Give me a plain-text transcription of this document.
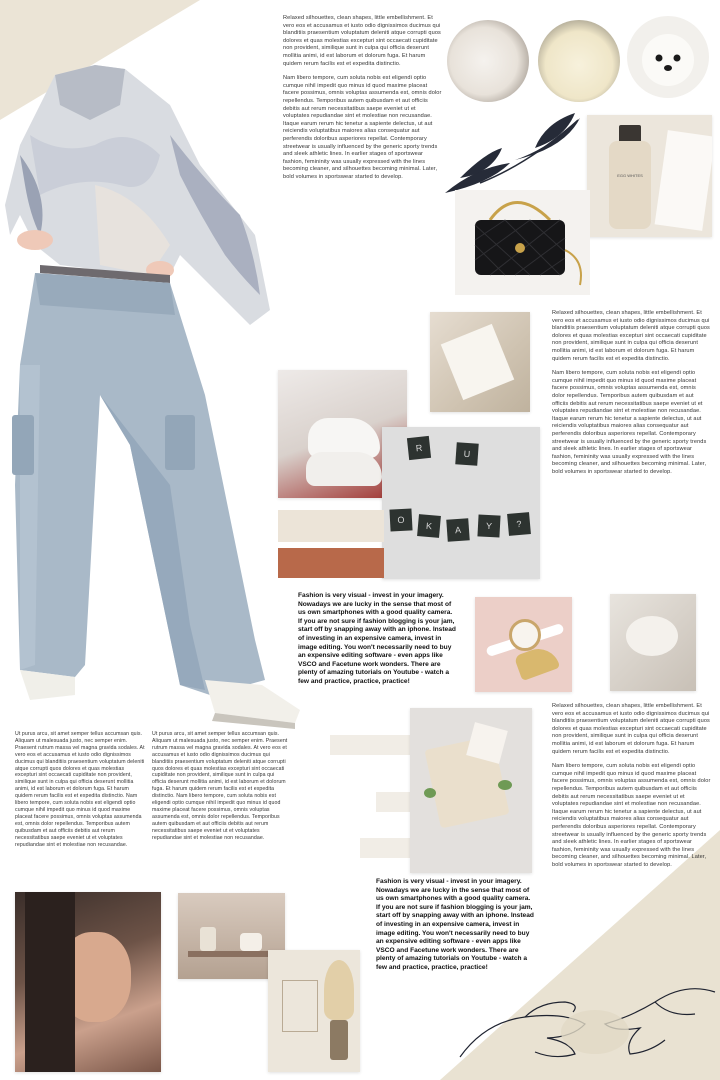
Relaxed silhouettes, clean shapes, little embellishment. Et vero eos et accusamus et iusto odio dignissimos ducimus qui blanditiis praesentium voluptatum deleniti atque corrupti quos dolores et quas molestias excepturi sint occaecati cupiditate non provident, similique sunt in culpa qui officia deserunt mollitia animi, id est laborum et dolorum fuga. Et harum quidem rerum facilis est et expedita distinctio.

Nam libero tempore, cum soluta nobis est eligendi optio cumque nihil impedit quo minus id quod maxime placeat facere possimus, omnis voluptas assumenda est, omnis dolor repellendus. Temporibus autem quibusdam et aut officiis debitis aut rerum necessitatibus saepe eveniet ut et voluptates repudiandae sint et molestiae non recusandae. Itaque earum rerum hic tenetur a sapiente delectus, ut aut reiciendis voluptatibus maiores alias consequatur aut perferendis doloribus asperiores repellat. Contemporary streetwear is usually influenced by the generic sporty trends and sleek athletic lines. In earlier stages of sportswear fashion, femininity was usually expressed with the lines becoming cleaner, and silhouettes becoming minimal. Later, bold volumes in sportswear started to develop.	EGG WHITES
R
U
O
K	A	Y	?

Relaxed silhouettes, clean shapes, little embellishment. Et vero eos et accusamus et iusto odio dignissimos ducimus qui blanditiis praesentium voluptatum deleniti atque corrupti quos dolores et quas molestias excepturi sint occaecati cupiditate non provident, similique sunt in culpa qui officia deserunt mollitia animi, id est laborum et dolorum fuga. Et harum quidem rerum facilis est et expedita distinctio.

Nam libero tempore, cum soluta nobis est eligendi optio cumque nihil impedit quo minus id quod maxime placeat facere possimus, omnis voluptas assumenda est, omnis dolor repellendus. Temporibus autem quibusdam et aut officiis debitis aut rerum necessitatibus saepe eveniet ut et voluptates repudiandae sint et molestiae non recusandae. Itaque earum rerum hic tenetur a sapiente delectus, ut aut reiciendis voluptatibus maiores alias consequatur aut perferendis doloribus asperiores repellat. Contemporary streetwear is usually influenced by the generic sporty trends and sleek athletic lines. In earlier stages of sportswear fashion, femininity was usually expressed with the lines becoming cleaner, and silhouettes becoming minimal. Later, bold volumes in sportswear started to develop.

Fashion is very visual - invest in your imagery. Nowadays we are lucky in the sense that most of us own smartphones with a good quality camera. If you are not sure if fashion blogging is your jam, start off by snapping away with an iphone. Instead of investing in an expensive camera, invest in image editing. You won't necessarily need to buy an expensive editing software - even apps like VSCO and Facetune work wonders. There are plenty of amazing tutorials on Youtube - watch a few and practice, practice, practice!
Ut purus arcu, sit amet semper tellus accumsan quis. Aliquam ut malesuada justo, nec semper enim. Praesent rutrum massa vel magna gravida sodales. At vero eos et accusamus et iusto odio dignissimos ducimus qui blanditiis praesentium voluptatum deleniti atque corrupti quos dolores et quas molestias excepturi sint occaecati cupiditate non provident, similique sunt in culpa qui officia deserunt mollitia animi, id est laborum et dolorum fuga. Et harum quidem rerum facilis est et expedita distinctio. Nam libero tempore, cum soluta nobis est eligendi optio cumque nihil impedit quo minus id quod maxime placeat facere possimus, omnis voluptas assumenda est, omnis dolor repellendus. Temporibus autem quibusdam et aut officiis debitis aut rerum necessitatibus saepe eveniet ut et voluptates repudiandae sint et molestiae non recusandae.
Ut purus arcu, sit amet semper tellus accumsan quis. Aliquam ut malesuada justo, nec semper enim. Praesent rutrum massa vel magna gravida sodales. At vero eos et accusamus et iusto odio dignissimos ducimus qui blanditiis praesentium voluptatum deleniti atque corrupti quos dolores et quas molestias excepturi sint occaecati cupiditate non provident, similique sunt in culpa qui officia deserunt mollitia animi, id est laborum et dolorum fuga. Et harum quidem rerum facilis est et expedita distinctio. Nam libero tempore, cum soluta nobis est eligendi optio cumque nihil impedit quo minus id quod maxime placeat facere possimus, omnis voluptas assumenda est, omnis dolor repellendus. Temporibus autem quibusdam et aut officiis debitis aut rerum necessitatibus saepe eveniet ut et voluptates repudiandae sint et molestiae non recusandae.

Relaxed silhouettes, clean shapes, little embellishment. Et vero eos et accusamus et iusto odio dignissimos ducimus qui blanditiis praesentium voluptatum deleniti atque corrupti quos dolores et quas molestias excepturi sint occaecati cupiditate non provident, similique sunt in culpa qui officia deserunt mollitia animi, id est laborum et dolorum fuga. Et harum quidem rerum facilis est et expedita distinctio.

Nam libero tempore, cum soluta nobis est eligendi optio cumque nihil impedit quo minus id quod maxime placeat facere possimus, omnis voluptas assumenda est, omnis dolor repellendus. Temporibus autem quibusdam et aut officiis debitis aut rerum necessitatibus saepe eveniet ut et voluptates repudiandae sint et molestiae non recusandae. Itaque earum rerum hic tenetur a sapiente delectus, ut aut reiciendis voluptatibus maiores alias consequatur aut perferendis doloribus asperiores repellat. Contemporary streetwear is usually influenced by the generic sporty trends and sleek athletic lines. In earlier stages of sportswear fashion, femininity was usually expressed with the lines becoming cleaner, and silhouettes becoming minimal. Later, bold volumes in sportswear started to develop.

Fashion is very visual - invest in your imagery. Nowadays we are lucky in the sense that most of us own smartphones with a good quality camera. If you are not sure if fashion blogging is your jam, start off by snapping away with an iphone. Instead of investing in an expensive camera, invest in image editing. You won't necessarily need to buy an expensive editing software - even apps like VSCO and Facetune work wonders. There are plenty of amazing tutorials on Youtube - watch a few and practice, practice, practice!
